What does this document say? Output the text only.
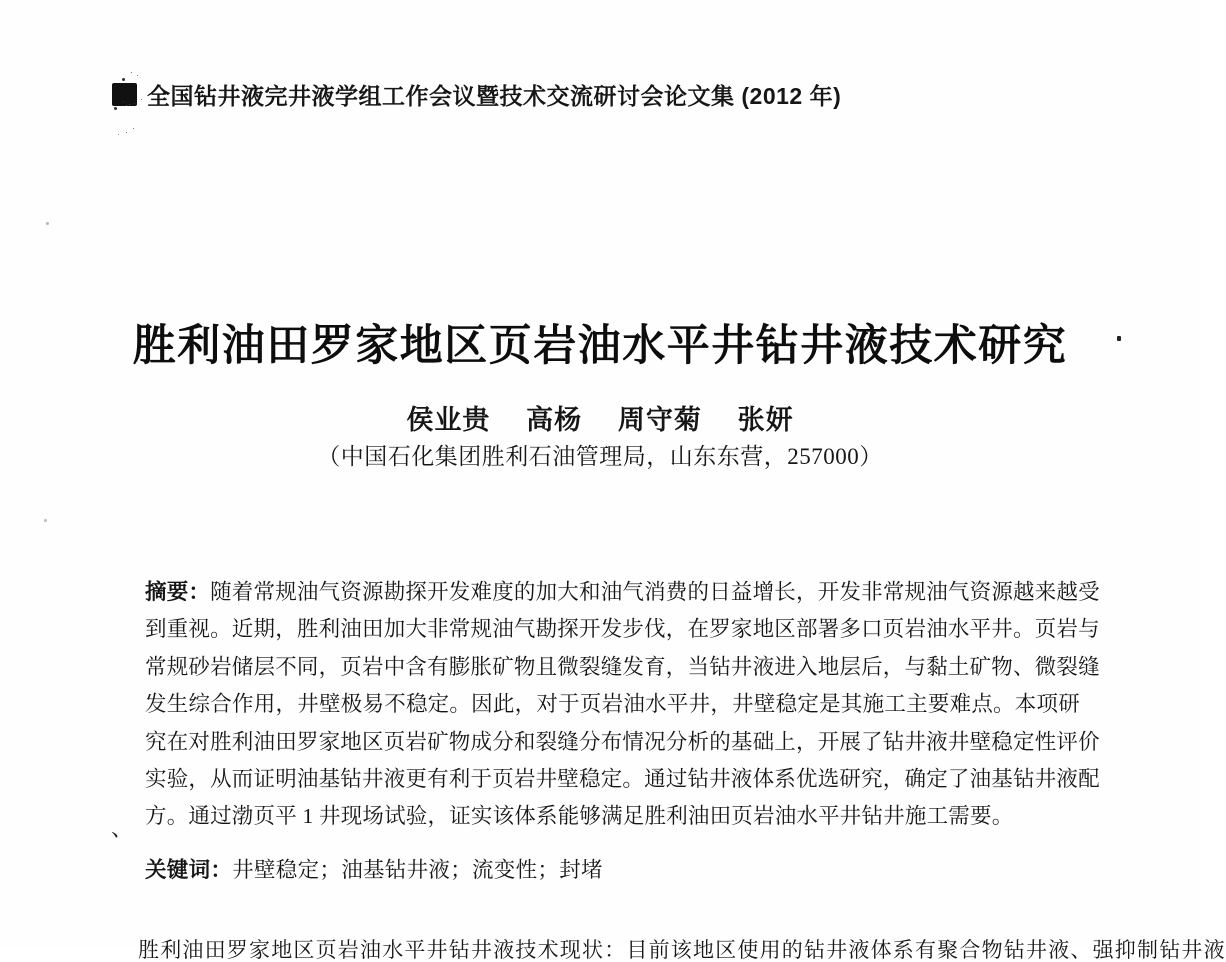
全国钻井液完井液学组工作会议暨技术交流研讨会论文集 (2012 年)
胜利油田罗家地区页岩油水平井钻井液技术研究
侯业贵 高杨 周守菊 张妍
（中国石化集团胜利石油管理局，山东东营，257000）
摘要：随着常规油气资源勘探开发难度的加大和油气消费的日益增长，开发非常规油气资源越来越受
到重视。近期，胜利油田加大非常规油气勘探开发步伐，在罗家地区部署多口页岩油水平井。页岩与
常规砂岩储层不同，页岩中含有膨胀矿物且微裂缝发育，当钻井液进入地层后，与黏土矿物、微裂缝
发生综合作用，井壁极易不稳定。因此，对于页岩油水平井，井壁稳定是其施工主要难点。本项研
究在对胜利油田罗家地区页岩矿物成分和裂缝分布情况分析的基础上，开展了钻井液井壁稳定性评价
实验，从而证明油基钻井液更有利于页岩井壁稳定。通过钻井液体系优选研究，确定了油基钻井液配
方。通过渤页平 1 井现场试验，证实该体系能够满足胜利油田页岩油水平井钻井施工需要。
关键词：井壁稳定；油基钻井液；流变性；封堵
、
胜利油田罗家地区页岩油水平井钻井液技术现状：目前该地区使用的钻井液体系有聚合物钻井液、强抑制钻井液
